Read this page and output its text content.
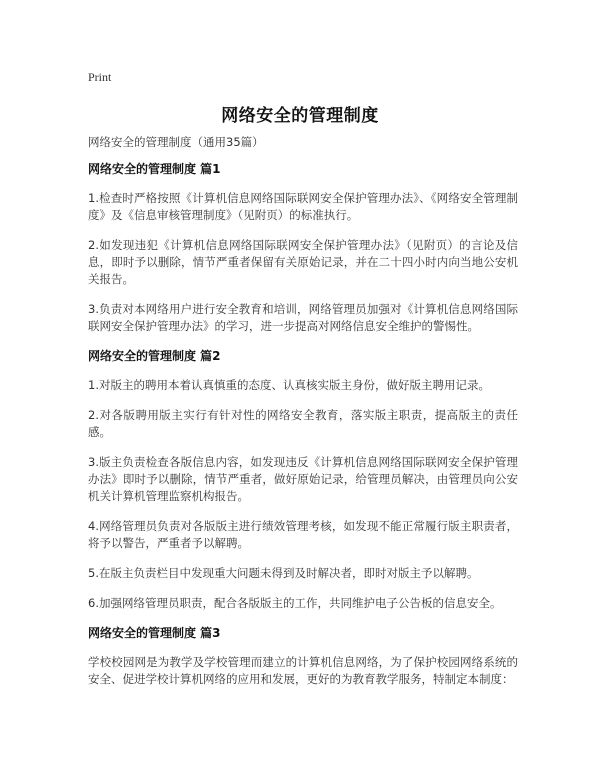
Print
网络安全的管理制度

网络安全的管理制度（通用35篇）

网络安全的管理制度 篇1

1.检查时严格按照《计算机信息网络国际联网安全保护管理办法》、《网络安全管理制度》及《信息审核管理制度》（见附页）的标准执行。

2.如发现违犯《计算机信息网络国际联网安全保护管理办法》（见附页）的言论及信息，即时予以删除，情节严重者保留有关原始记录，并在二十四小时内向当地公安机关报告。

3.负责对本网络用户进行安全教育和培训，网络管理员加强对《计算机信息网络国际联网安全保护管理办法》的学习，进一步提高对网络信息安全维护的警惕性。

网络安全的管理制度 篇2

1.对版主的聘用本着认真慎重的态度、认真核实版主身份，做好版主聘用记录。

2.对各版聘用版主实行有针对性的网络安全教育，落实版主职责，提高版主的责任感。

3.版主负责检查各版信息内容，如发现违反《计算机信息网络国际联网安全保护管理办法》即时予以删除，情节严重者，做好原始记录，给管理员解决，由管理员向公安机关计算机管理监察机构报告。

4.网络管理员负责对各版版主进行绩效管理考核，如发现不能正常履行版主职责者，将予以警告，严重者予以解聘。

5.在版主负责栏目中发现重大问题未得到及时解决者，即时对版主予以解聘。

6.加强网络管理员职责，配合各版版主的工作，共同维护电子公告板的信息安全。

网络安全的管理制度 篇3

学校校园网是为教学及学校管理而建立的计算机信息网络，为了保护校园网络系统的安全、促进学校计算机网络的应用和发展，更好的为教育教学服务，特制定本制度：
